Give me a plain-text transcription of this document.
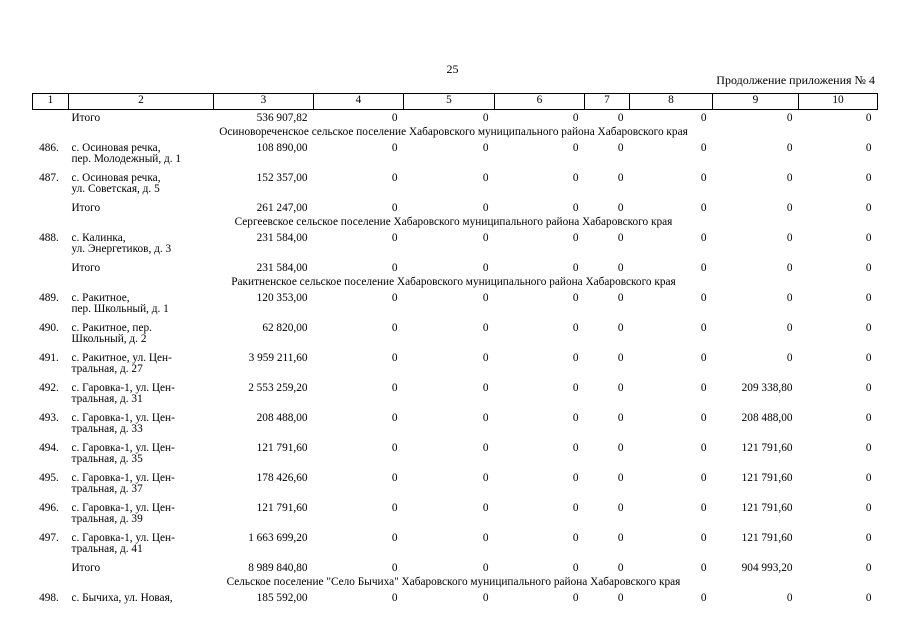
25
Продолжение приложения № 4
1	2	3	4	5	6	7	8	9	10

	Итого	536 907,82	0	0	0	0	0	0	0
Осиновореченское сельское поселение Хабаровского муниципального района Хабаровского края									
486.	с. Осиновая речка,
пер. Молодежный, д. 1	108 890,00	0	0	0	0	0	0	0
487.	с. Осиновая речка,
ул. Советская, д. 5	152 357,00	0	0	0	0	0	0	0

	Итого	261 247,00	0	0	0	0	0	0	0
Сергеевское сельское поселение Хабаровского муниципального района Хабаровского края									
488.	с. Калинка,
ул. Энергетиков, д. 3	231 584,00	0	0	0	0	0	0	0

	Итого	231 584,00	0	0	0	0	0	0	0
Ракитненское сельское поселение Хабаровского муниципального района Хабаровского края									
489.	с. Ракитное,
пер. Школьный, д. 1	120 353,00	0	0	0	0	0	0	0
490.	с. Ракитное, пер.
Школьный, д. 2	62 820,00	0	0	0	0	0	0	0
491.	с. Ракитное, ул. Цен-
тральная, д. 27	3 959 211,60	0	0	0	0	0	0	0
492.	с. Гаровка-1, ул. Цен-
тральная, д. 31	2 553 259,20	0	0	0	0	0	209 338,80	0
493.	с. Гаровка-1, ул. Цен-
тральная, д. 33	208 488,00	0	0	0	0	0	208 488,00	0
494.	с. Гаровка-1, ул. Цен-
тральная, д. 35	121 791,60	0	0	0	0	0	121 791,60	0
495.	с. Гаровка-1, ул. Цен-
тральная, д. 37	178 426,60	0	0	0	0	0	121 791,60	0
496.	с. Гаровка-1, ул. Цен-
тральная, д. 39	121 791,60	0	0	0	0	0	121 791,60	0
497.	с. Гаровка-1, ул. Цен-
тральная, д. 41	1 663 699,20	0	0	0	0	0	121 791,60	0

	Итого	8 989 840,80	0	0	0	0	0	904 993,20	0
Сельское поселение "Село Бычиха" Хабаровского муниципального района Хабаровского края									
498.	с. Бычиха, ул. Новая,	185 592,00	0	0	0	0	0	0	0
